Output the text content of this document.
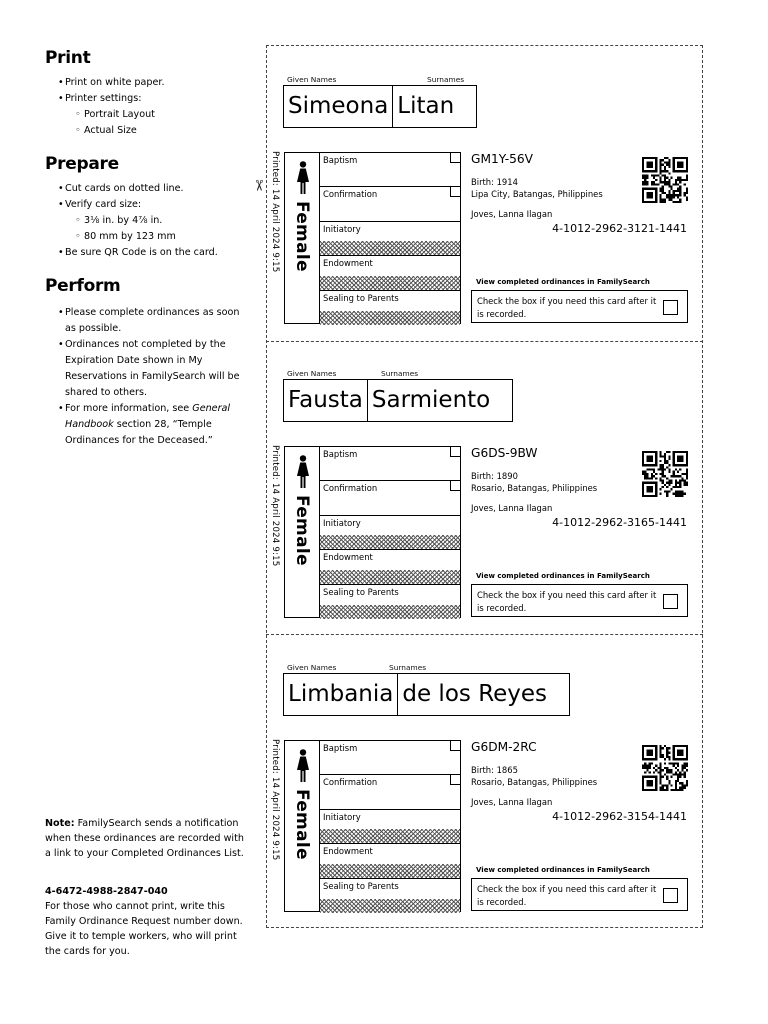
Print
• Print on white paper.
• Printer settings:
◦ Portrait Layout
◦ Actual Size
Prepare
• Cut cards on dotted line.
• Verify card size:
◦ 3⅛ in. by 4⅞ in.
◦ 80 mm by 123 mm
• Be sure QR Code is on the card.
Perform
• Please complete ordinances as soon as possible.
• Ordinances not completed by the Expiration Date shown in My Reservations in FamilySearch will be shared to others.
• For more information, see General Handbook section 28, “Temple Ordinances for the Deceased.”

Note: FamilySearch sends a notification when these ordinances are recorded with a link to your Completed Ordinances List.

4-6472-4988-2847-040
For those who cannot print, write this Family Ordinance Request number down. Give it to temple workers, who will print the cards for you.

✂
Given Names	Surnames
Simeona Litan
Printed: 14 April 2024 9:15 Female
Baptism
Confirmation
Initiatory
Endowment
Sealing to Parents
GM1Y-56V
Birth: 1914
Lipa City, Batangas, Philippines
Joves, Lanna Ilagan
4-1012-2962-3121-1441
View completed ordinances in FamilySearch
Check the box if you need this card after it is recorded.
Given Names	Surnames
Fausta Sarmiento
Printed: 14 April 2024 9:15 Female
Baptism
Confirmation
Initiatory
Endowment
Sealing to Parents
G6DS-9BW
Birth: 1890
Rosario, Batangas, Philippines
Joves, Lanna Ilagan
4-1012-2962-3165-1441
View completed ordinances in FamilySearch
Check the box if you need this card after it is recorded.
Given Names	Surnames
Limbania de los Reyes
Printed: 14 April 2024 9:15 Female
Baptism
Confirmation
Initiatory
Endowment
Sealing to Parents
G6DM-2RC
Birth: 1865
Rosario, Batangas, Philippines
Joves, Lanna Ilagan
4-1012-2962-3154-1441
View completed ordinances in FamilySearch
Check the box if you need this card after it is recorded.
